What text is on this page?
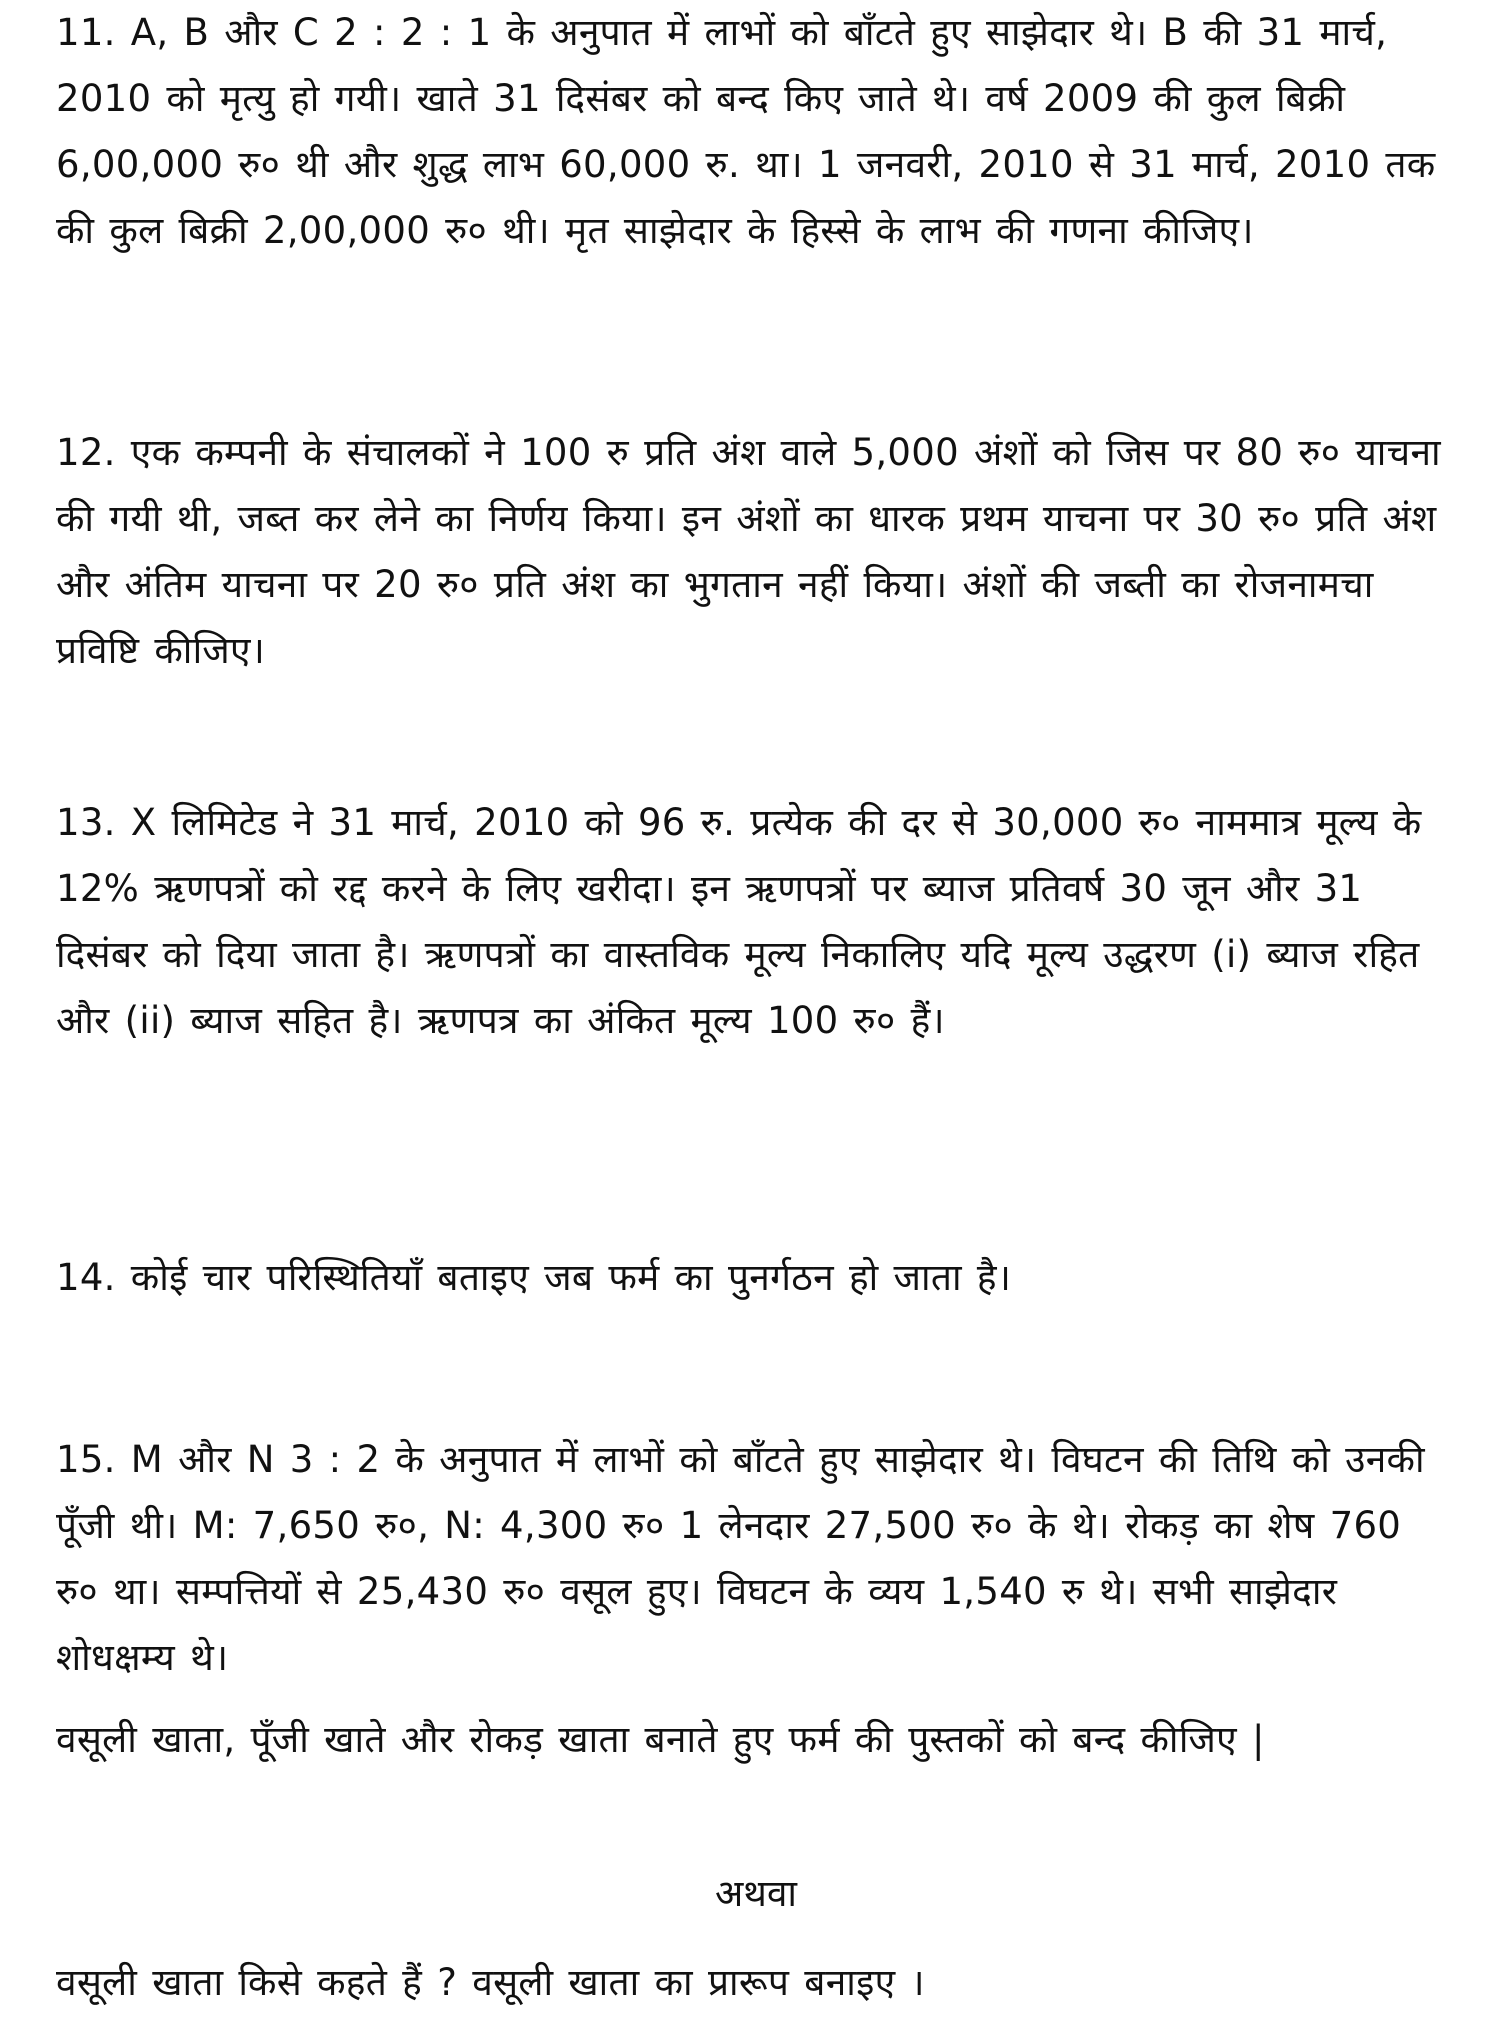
11. A, B और C 2 : 2 : 1 के अनुपात में लाभों को बाँटते हुए साझेदार थे। B की 31 मार्च, 2010 को मृत्यु हो गयी। खाते 31 दिसंबर को बन्द किए जाते थे। वर्ष 2009 की कुल बिक्री 6,00,000 रु० थी और शुद्ध लाभ 60,000 रु. था। 1 जनवरी, 2010 से 31 मार्च, 2010 तक की कुल बिक्री 2,00,000 रु० थी। मृत साझेदार के हिस्से के लाभ की गणना कीजिए।

12. एक कम्पनी के संचालकों ने 100 रु प्रति अंश वाले 5,000 अंशों को जिस पर 80 रु० याचना की गयी थी, जब्त कर लेने का निर्णय किया। इन अंशों का धारक प्रथम याचना पर 30 रु० प्रति अंश और अंतिम याचना पर 20 रु० प्रति अंश का भुगतान नहीं किया। अंशों की जब्ती का रोजनामचा प्रविष्टि कीजिए।

13. X लिमिटेड ने 31 मार्च, 2010 को 96 रु. प्रत्येक की दर से 30,000 रु० नाममात्र मूल्य के 12% ऋणपत्रों को रद्द करने के लिए खरीदा। इन ऋणपत्रों पर ब्याज प्रतिवर्ष 30 जून और 31 दिसंबर को दिया जाता है। ऋणपत्रों का वास्तविक मूल्य निकालिए यदि मूल्य उद्धरण (i) ब्याज रहित और (ii) ब्याज सहित है। ऋणपत्र का अंकित मूल्य 100 रु० हैं।

14. कोई चार परिस्थितियाँ बताइए जब फर्म का पुनर्गठन हो जाता है।

15. M और N 3 : 2 के अनुपात में लाभों को बाँटते हुए साझेदार थे। विघटन की तिथि को उनकी पूँजी थी। M: 7,650 रु०, N: 4,300 रु० 1 लेनदार 27,500 रु० के थे। रोकड़ का शेष 760 रु० था। सम्पत्तियों से 25,430 रु० वसूल हुए। विघटन के व्यय 1,540 रु थे। सभी साझेदार शोधक्षम्य थे।

वसूली खाता, पूँजी खाते और रोकड़ खाता बनाते हुए फर्म की पुस्तकों को बन्द कीजिए |

अथवा

वसूली खाता किसे कहते हैं ? वसूली खाता का प्रारूप बनाइए ।
